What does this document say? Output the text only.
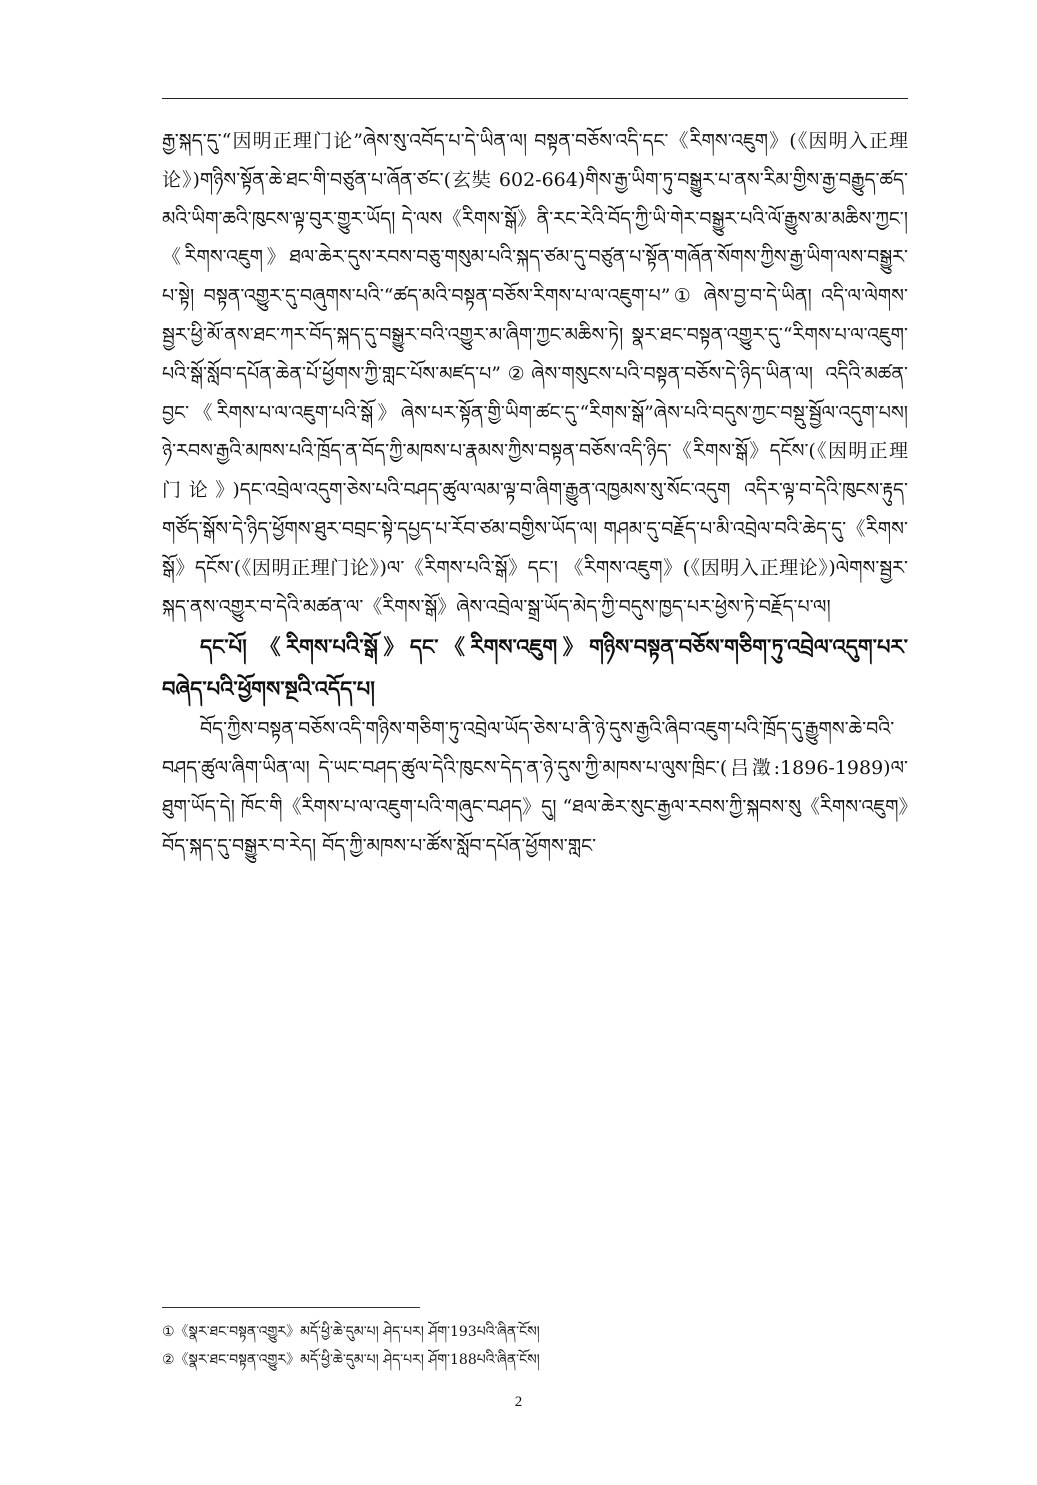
རྒྱ་སྐད་དུ་“因明正理门论”ཞེས་སུ་འབོད་པ་དེ་ཡིན་ལ། བསྟན་བཅོས་འདི་དང་《རིགས་འཇུག》(《因明入正理论》)གཉིས་སྟོན་ཆེ་ཐང་གི་བཙུན་པ་ཞོན་ཙང་(玄奘 602-664)གིས་རྒྱ་ཡིག་ཏུ་བསྒྱུར་པ་ནས་རིམ་གྱིས་རྒྱ་བརྒྱུད་ཚད་མའི་ཡིག་ཆའི་ཁུངས་ལྟ་བུར་གྱུར་ཡོད། དེ་ལས《རིགས་སྒོ》ནི་རང་རེའི་བོད་ཀྱི་ཡི་གེར་བསྒྱུར་པའི་ལོ་རྒྱུས་མ་མཆིས་ཀྱང་། 《རིགས་འཇུག》ཐལ་ཆེར་དུས་རབས་བཅུ་གསུམ་པའི་སྐད་ཙམ་དུ་བཙུན་པ་སྟོན་གཞོན་སོགས་ཀྱིས་རྒྱ་ཡིག་ལས་བསྒྱུར་པ་སྟེ། བསྟན་འགྱུར་དུ་བཞུགས་པའི་“ཚད་མའི་བསྟན་བཅོས་རིགས་པ་ལ་འཇུག་པ”① ཞེས་བྱ་བ་དེ་ཡིན། འདི་ལ་ལེགས་སྦྱར་ཕྱི་མོ་ནས་ཐང་ཀར་བོད་སྐད་དུ་བསྒྱུར་བའི་འགྱུར་མ་ཞིག་ཀྱང་མཆིས་ཏེ། སྣར་ཐང་བསྟན་འགྱུར་དུ་“རིགས་པ་ལ་འཇུག་པའི་སྒོ་སློབ་དཔོན་ཆེན་པོ་ཕྱོགས་ཀྱི་གླང་པོས་མཛད་པ”②ཞེས་གསུངས་པའི་བསྟན་བཅོས་དེ་ཉིད་ཡིན་ལ། འདིའི་མཚན་བྱང་《རིགས་པ་ལ་འཇུག་པའི་སྒོ》ཞེས་པར་སྟོན་གྱི་ཡིག་ཚང་དུ་“རིགས་སྒོ”ཞེས་པའི་བདུས་ཀྱང་བསྡུ་སྦྱོལ་འདུག་པས། ཉེ་རབས་རྒྱའི་མཁས་པའི་ཁྲོད་ན་བོད་ཀྱི་མཁས་པ་རྣམས་ཀྱིས་བསྟན་བཅོས་འདི་ཉིད་《རིགས་སྒོ》དངོས་(《因明正理门论》)དང་འབྲེལ་འདུག་ཅེས་པའི་བཤད་ཚུལ་ལམ་ལྟ་བ་ཞིག་རྒྱུན་འཁྱམས་སུ་སོང་འདུག འདིར་ལྟ་བ་དེའི་ཁུངས་རྟུད་གཙོད་སྒོས་དེ་ཉིད་ཕྱོགས་ཐུར་བབྲང་སྟེ་དཔྱད་པ་རོབ་ཙམ་བགྱིས་ཡོད་ལ། གཤམ་དུ་བརྗོད་པ་མི་འབྲེལ་བའི་ཆེད་དུ་《རིགས་སྒོ》དངོས་(《因明正理门论》)ལ་《རིགས་པའི་སྒོ》དང་། 《རིགས་འཇུག》(《因明入正理论》)ལེགས་སྦྱར་སྐད་ནས་འགྱུར་བ་དེའི་མཚན་ལ་《རིགས་སྒོ》ཞེས་འབྲེལ་སྒྲ་ཡོད་མེད་ཀྱི་བདུས་ཁྱད་པར་ཕྱེས་ཏེ་བརྗོད་པ་ལ།

དང་པོ། 《རིགས་པའི་སྒོ》དང་《རིགས་འཇུག》གཉིས་བསྟན་བཅོས་གཅིག་ཏུ་འབྲེལ་འདུག་པར་བཞེད་པའི་ཕྱོགས་སྔའི་འདོད་པ།

བོད་ཀྱིས་བསྟན་བཅོས་འདི་གཉིས་གཅིག་ཏུ་འབྲེལ་ཡོད་ཅེས་པ་ནི་ཉེ་དུས་རྒྱའི་ཞིབ་འཇུག་པའི་ཁྲོད་དུ་རྒྱུགས་ཆེ་བའི་བཤད་ཚུལ་ཞིག་ཡིན་ལ། དེ་ཡང་བཤད་ཚུལ་དེའི་ཁུངས་དེད་ན་ཉེ་དུས་ཀྱི་མཁས་པ་ལུས་ཁྲིང་(吕澂:1896-1989)ལ་ཐུག་ཡོད་དེ། ཁོང་གི《རིགས་པ་ལ་འཇུག་པའི་གཞུང་བཤད》དུ། “ཐལ་ཆེར་སུང་རྒྱལ་རབས་ཀྱི་སྐབས་སུ《རིགས་འཇུག》བོད་སྐད་དུ་བསྒྱུར་བ་རེད། བོད་ཀྱི་མཁས་པ་ཚོས་སློབ་དཔོན་ཕྱོགས་གླང་

①《སྣར་ཐང་བསྟན་འགྱུར》མདོ་ཕྱི་ཆེ་དུམ་པ། ཤེད་པར། ཤོག་193པའི་ཞིན་ངོས།

②《སྣར་ཐང་བསྟན་འགྱུར》མདོ་ཕྱི་ཆེ་དུམ་པ། ཤེད་པར། ཤོག་188པའི་ཞིན་ངོས།

2
